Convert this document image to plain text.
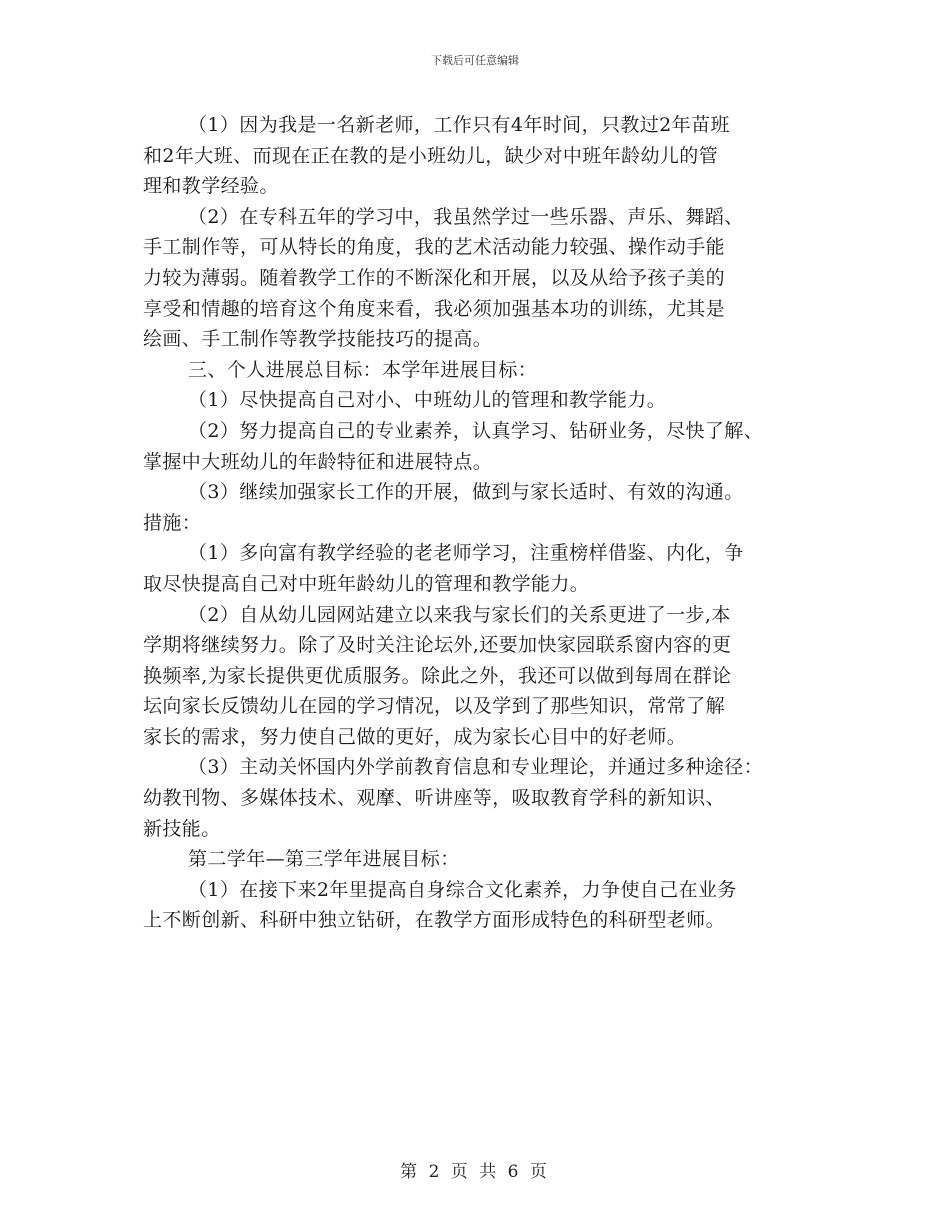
下载后可任意编辑
（1）因为我是一名新老师，工作只有4年时间，只教过2年苗班
和2年大班、而现在正在教的是小班幼儿，缺少对中班年龄幼儿的管
理和教学经验。
（2）在专科五年的学习中，我虽然学过一些乐器、声乐、舞蹈、
手工制作等，可从特长的角度，我的艺术活动能力较强、操作动手能
力较为薄弱。随着教学工作的不断深化和开展，以及从给予孩子美的
享受和情趣的培育这个角度来看，我必须加强基本功的训练，尤其是
绘画、手工制作等教学技能技巧的提高。
三、个人进展总目标：本学年进展目标：
（1）尽快提高自己对小、中班幼儿的管理和教学能力。
（2）努力提高自己的专业素养，认真学习、钻研业务，尽快了解、
掌握中大班幼儿的年龄特征和进展特点。
（3）继续加强家长工作的开展，做到与家长适时、有效的沟通。
措施：
（1）多向富有教学经验的老老师学习，注重榜样借鉴、内化，争
取尽快提高自己对中班年龄幼儿的管理和教学能力。
（2）自从幼儿园网站建立以来我与家长们的关系更进了一步,本
学期将继续努力。除了及时关注论坛外,还要加快家园联系窗内容的更
换频率,为家长提供更优质服务。除此之外，我还可以做到每周在群论
坛向家长反馈幼儿在园的学习情况，以及学到了那些知识，常常了解
家长的需求，努力使自己做的更好，成为家长心目中的好老师。
（3）主动关怀国内外学前教育信息和专业理论，并通过多种途径：
幼教刊物、多媒体技术、观摩、听讲座等，吸取教育学科的新知识、
新技能。
第二学年—第三学年进展目标：
（1）在接下来2年里提高自身综合文化素养，力争使自己在业务
上不断创新、科研中独立钻研，在教学方面形成特色的科研型老师。
第 2 页 共 6 页
